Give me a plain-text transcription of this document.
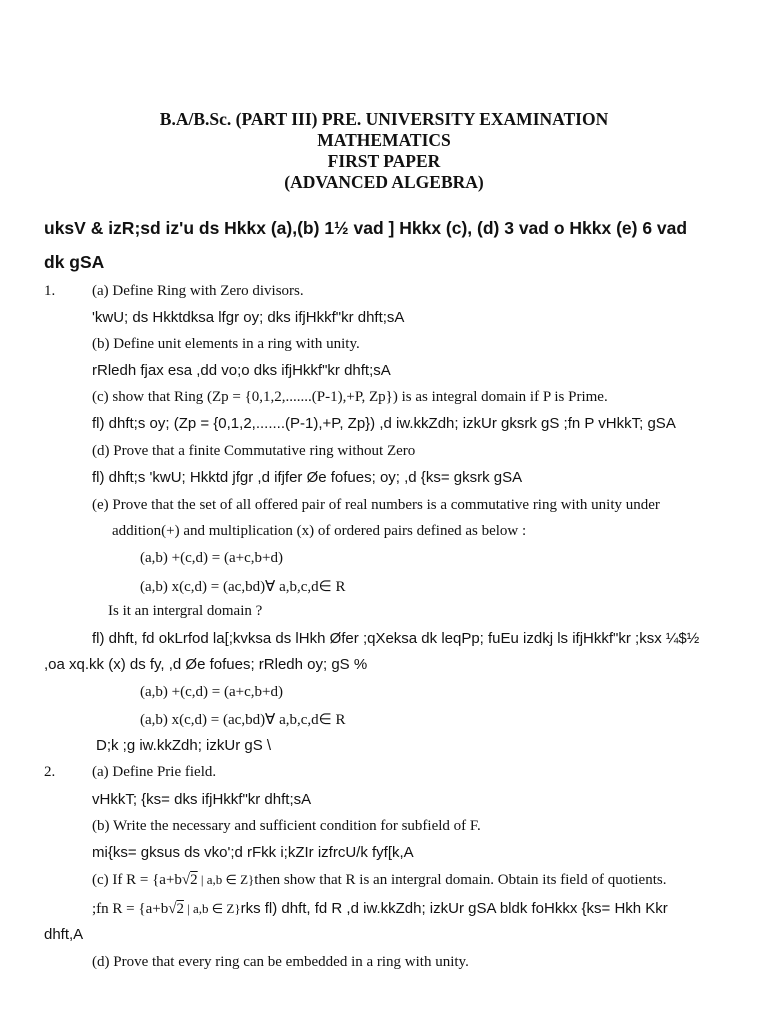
B.A/B.Sc. (PART III) PRE. UNIVERSITY EXAMINATION
MATHEMATICS
FIRST PAPER
(ADVANCED ALGEBRA)
uksV & izR;sd iz'u ds Hkkx (a),(b) 1½ vad ] Hkkx (c), (d) 3 vad o Hkkx (e) 6 vad
dk gSA
1. (a) Define Ring with Zero divisors.
'kwU; ds Hkktdksa lfgr oy; dks ifjHkkf"kr dhft;sA
(b) Define unit elements in a ring with unity.
rRledh fjax esa ,dd vo;o dks ifjHkkf"kr dhft;sA
(c) show that Ring (Zp = {0,1,2,.......(P-1),+P, Zp}) is as integral domain if P is Prime.
fl) dhft;s oy; (Zp = {0,1,2,.......(P-1),+P, Zp}) ,d iw.kkZdh; izkUr gksrk gS ;fn P vHkkT; gSA
(d) Prove that a finite Commutative ring without Zero
fl) dhft;s 'kwU; Hkktd jfgr ,d ifjfer Øe fofues; oy; ,d {ks= gksrk gSA
(e) Prove that the set of all offered pair of real numbers is a commutative ring with unity under
addition(+) and multiplication (x) of ordered pairs defined as below :
(a,b) +(c,d) = (a+c,b+d)
(a,b) x(c,d) = (ac,bd)∀ a,b,c,d∈ R
Is it an intergral domain ?
fl) dhft, fd okLrfod la[;kvksa ds lHkh Øfer ;qXeksa dk leqPp; fuEu izdkj ls ifjHkkf"kr ;ksx ¼$½
,oa xq.kk (x) ds fy, ,d Øe fofues; rRledh oy; gS %
(a,b) +(c,d) = (a+c,b+d)
(a,b) x(c,d) = (ac,bd)∀ a,b,c,d∈ R
D;k ;g iw.kkZdh; izkUr gS \
2. (a) Define Prie field.
vHkkT; {ks= dks ifjHkkf"kr dhft;sA
(b) Write the necessary and sufficient condition for subfield of F.
mi{ks= gksus ds vko';d rFkk i;kZIr izfrcU/k fyf[k,A
(c) If R = {a+b√2 | a,b ∈ Z}then show that R is an intergral domain. Obtain its field of quotients.
;fn R = {a+b√2 | a,b ∈ Z}rks fl) dhft, fd R ,d iw.kkZdh; izkUr gSA bldk foHkkx {ks= Hkh Kkr
dhft,A
(d) Prove that every ring can be embedded in a ring with unity.
